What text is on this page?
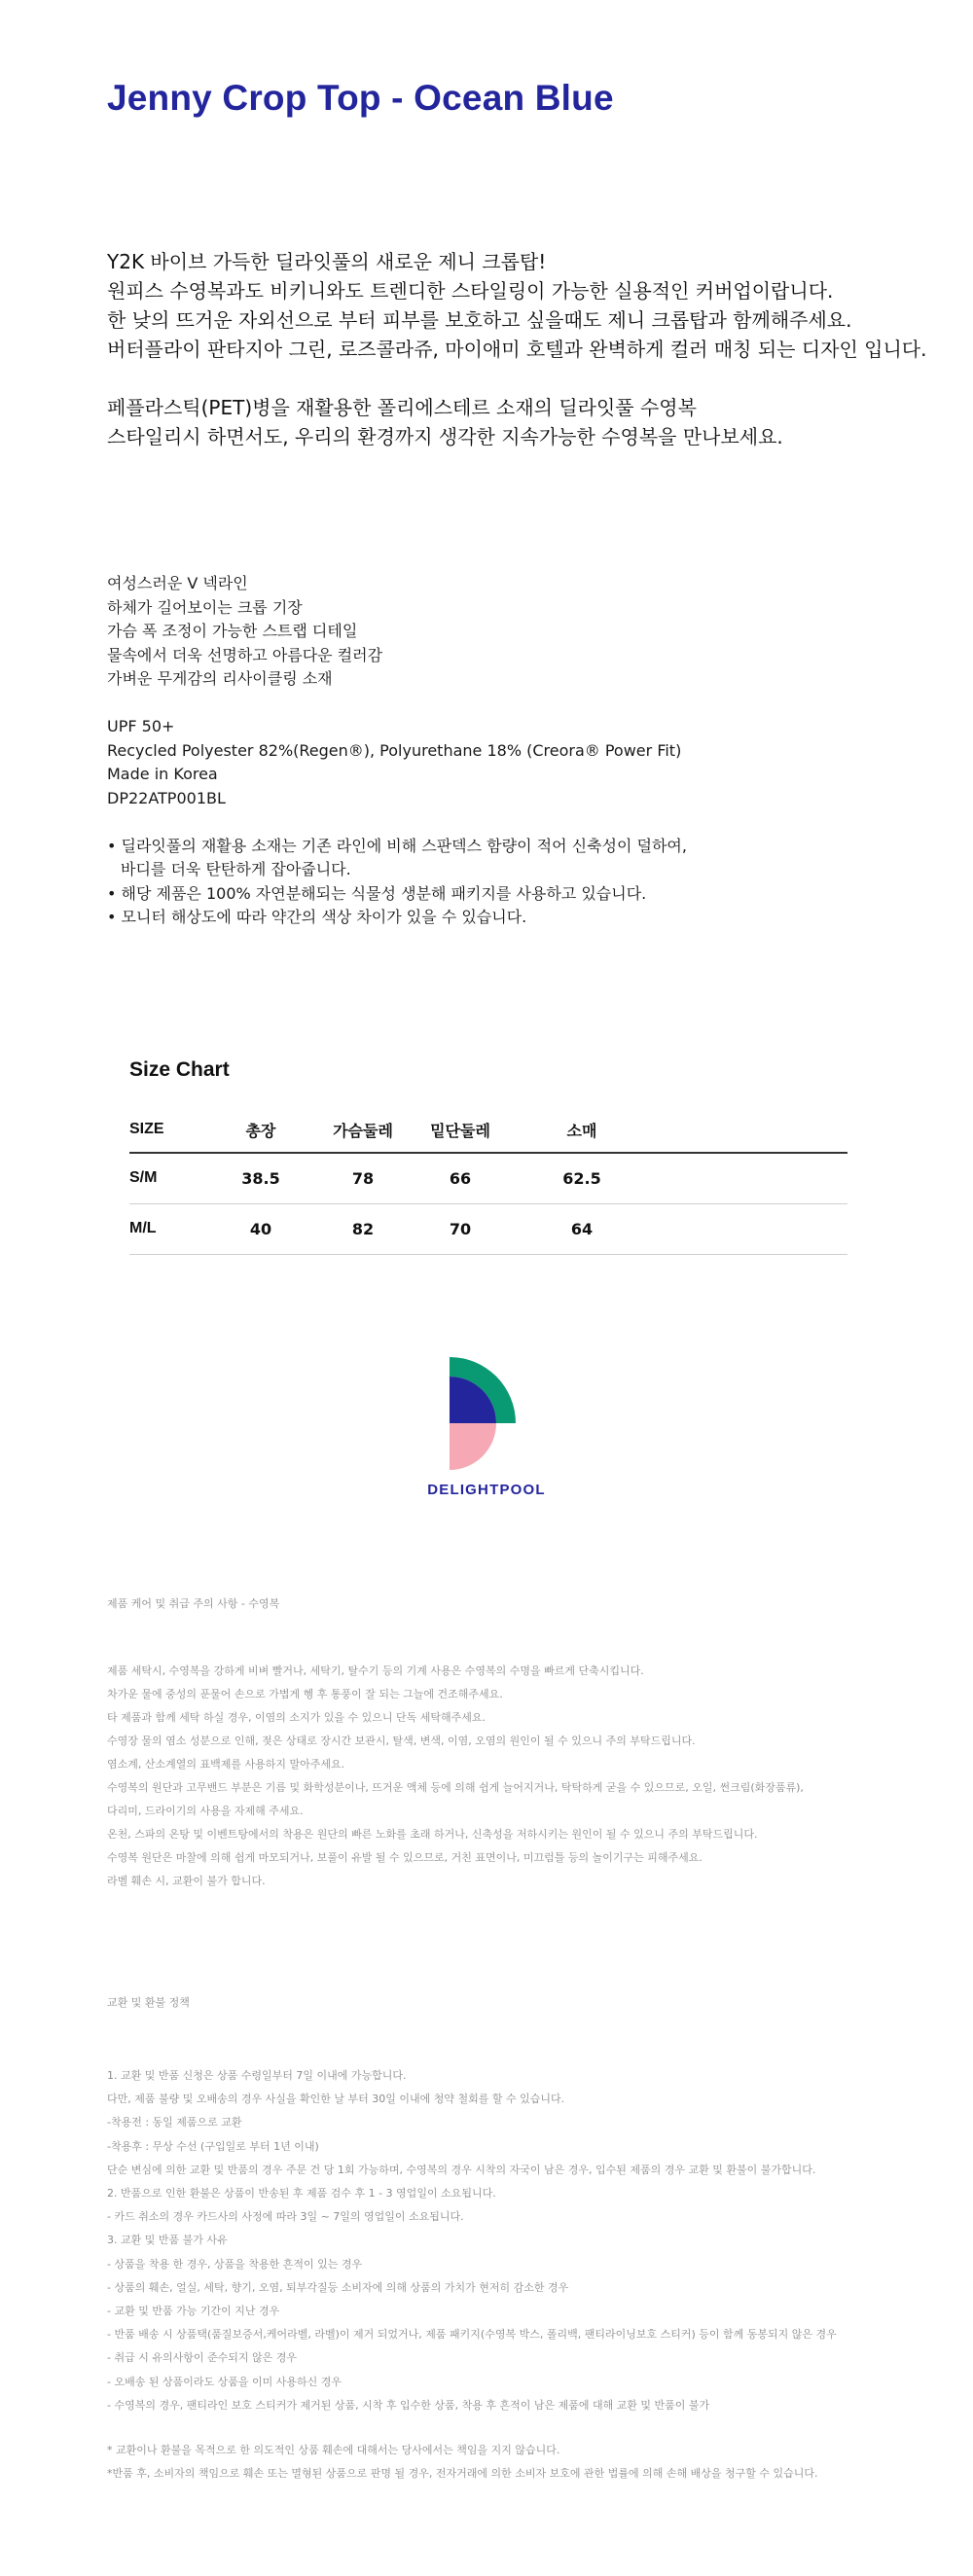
Jenny Crop Top - Ocean Blue

Y2K 바이브 가득한 딜라잇풀의 새로운 제니 크롭탑!

원피스 수영복과도 비키니와도 트렌디한 스타일링이 가능한 실용적인 커버업이랍니다.

한 낮의 뜨거운 자외선으로 부터 피부를 보호하고 싶을때도 제니 크롭탑과 함께해주세요.

버터플라이 판타지아 그린, 로즈콜라쥬, 마이애미 호텔과 완벽하게 컬러 매칭 되는 디자인 입니다.

페플라스틱(PET)병을 재활용한 폴리에스테르 소재의 딜라잇풀 수영복

스타일리시 하면서도, 우리의 환경까지 생각한 지속가능한 수영복을 만나보세요.

여성스러운 V 넥라인

하체가 길어보이는 크롭 기장

가슴 폭 조정이 가능한 스트랩 디테일

물속에서 더욱 선명하고 아름다운 컬러감

가벼운 무게감의 리사이클링 소재

UPF 50+

Recycled Polyester 82%(Regen®), Polyurethane 18% (Creora® Power Fit)

Made in Korea

DP22ATP001BL

• 딜라잇풀의 재활용 소재는 기존 라인에 비해 스판덱스 함량이 적어 신축성이 덜하여,

바디를 더욱 탄탄하게 잡아줍니다.

• 해당 제품은 100% 자연분해되는 식물성 생분해 패키지를 사용하고 있습니다.

• 모니터 해상도에 따라 약간의 색상 차이가 있을 수 있습니다.

Size Chart
SIZE	총장	가슴둘레	밑단둘레	소매	
S/M	38.5	78	66	62.5	
M/L	40	82	70	64	
DELIGHTPOOL

제품 케어 및 취급 주의 사항 - 수영복

제품 세탁시, 수영복을 강하게 비벼 빨거나, 세탁기, 탈수기 등의 기계 사용은 수영복의 수명을 빠르게 단축시킵니다.

차가운 물에 중성의 푼물어 손으로 가볍게 헹 후 통풍이 잘 되는 그늘에 건조해주세요.

타 제품과 함께 세탁 하실 경우, 이염의 소지가 있을 수 있으니 단독 세탁해주세요.

수영장 물의 염소 성분으로 인해, 젖은 상태로 장시간 보관시, 탈색, 변색, 이염, 오염의 원인이 될 수 있으니 주의 부탁드립니다.

염소계, 산소계열의 표백제를 사용하지 말아주세요.

수영복의 원단과 고무밴드 부분은 기름 및 화학성분이나, 뜨거운 액체 등에 의해 쉽게 늘어지거나, 탁탁하게 굳을 수 있으므로, 오일, 썬크림(화장품류),

다리미, 드라이기의 사용을 자제해 주세요.

온천, 스파의 온탕 및 이벤트탕에서의 착용은 원단의 빠른 노화를 초래 하거나, 신축성을 저하시키는 원인이 될 수 있으니 주의 부탁드립니다.

수영복 원단은 마찰에 의해 쉽게 마모되거나, 보풀이 유발 될 수 있으므로, 거친 표면이나, 미끄럼틀 등의 놀이기구는 피해주세요.

라벨 훼손 시, 교환이 불가 합니다.

교환 및 환불 정책

1. 교환 및 반품 신청은 상품 수령일부터 7일 이내에 가능합니다.

다만, 제품 불량 및 오배송의 경우 사실을 확인한 날 부터 30일 이내에 청약 철회를 할 수 있습니다.

-착용전 : 동일 제품으로 교환

-착용후 : 무상 수선 (구입일로 부터 1년 이내)

단순 변심에 의한 교환 및 반품의 경우 주문 건 당 1회 가능하며, 수영복의 경우 시착의 자국이 남은 경우, 입수된 제품의 경우 교환 및 환불이 불가합니다.

2. 반품으로 인한 환불은 상품이 반송된 후 제품 검수 후 1 - 3 영업일이 소요됩니다.

- 카드 취소의 경우 카드사의 사정에 따라 3일 ~ 7일의 영업일이 소요됩니다.

3. 교환 및 반품 불가 사유

- 상품을 착용 한 경우, 상품을 착용한 흔적이 있는 경우

- 상품의 훼손, 얼실, 세탁, 향기, 오염, 퇴부각질등 소비자에 의해 상품의 가치가 현저히 감소한 경우

- 교환 및 반품 가능 기간이 지난 경우

- 반품 배송 시 상품택(품질보증서,케어라벨, 라벨)이 제거 되었거나, 제품 패키지(수영복 박스, 폴리백, 팬티라이닝보호 스티커) 등이 함께 동봉되지 않은 경우

- 취급 시 유의사항이 준수되지 않은 경우

- 오배송 된 상품이라도 상품을 이미 사용하신 경우

- 수영복의 경우, 팬티라인 보호 스티커가 제거된 상품, 시착 후 입수한 상품, 착용 후 흔적이 남은 제품에 대해 교환 및 반품이 불가

* 교환이나 환불을 목적으로 한 의도적인 상품 훼손에 대해서는 당사에서는 책임을 지지 않습니다.

*반품 후, 소비자의 책임으로 훼손 또는 멸형된 상품으로 판명 될 경우, 전자거래에 의한 소비자 보호에 관한 법률에 의해 손해 배상을 청구할 수 있습니다.
